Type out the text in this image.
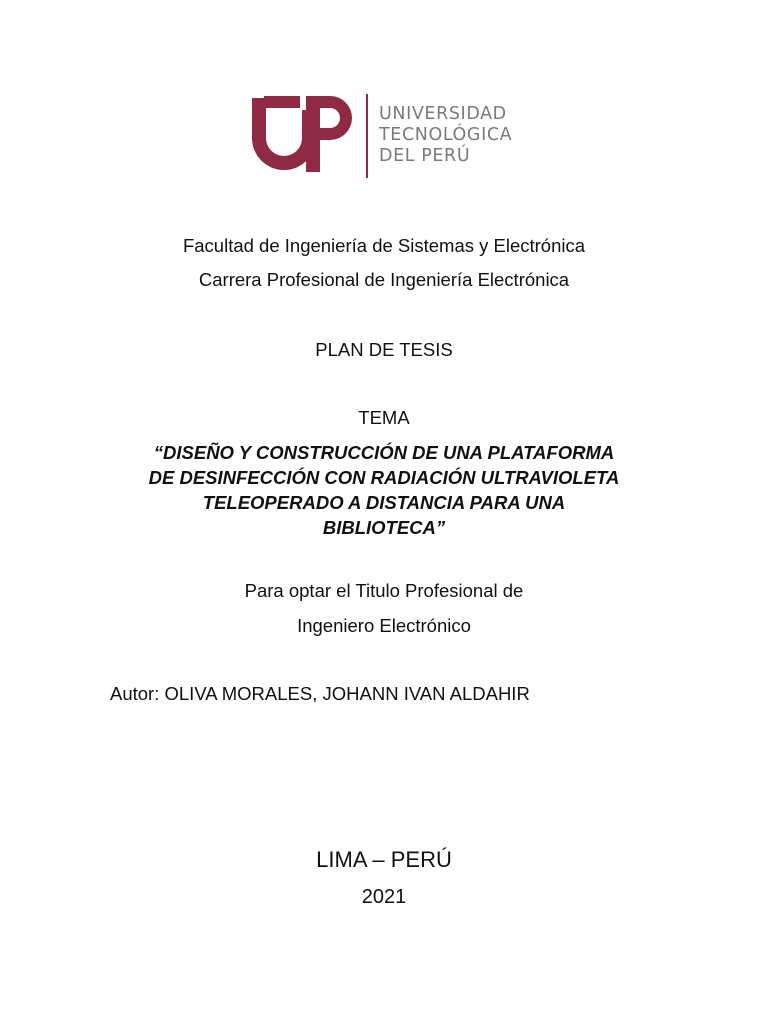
UNIVERSIDAD
TECNOLÓGICA
DEL PERÚ
Facultad de Ingeniería de Sistemas y Electrónica
Carrera Profesional de Ingeniería Electrónica
PLAN DE TESIS
TEMA
“DISEÑO Y CONSTRUCCIÓN DE UNA PLATAFORMA
DE DESINFECCIÓN CON RADIACIÓN ULTRAVIOLETA
TELEOPERADO A DISTANCIA PARA UNA
BIBLIOTECA”
Para optar el Titulo Profesional de
Ingeniero Electrónico
Autor: OLIVA MORALES, JOHANN IVAN ALDAHIR
LIMA – PERÚ
2021
